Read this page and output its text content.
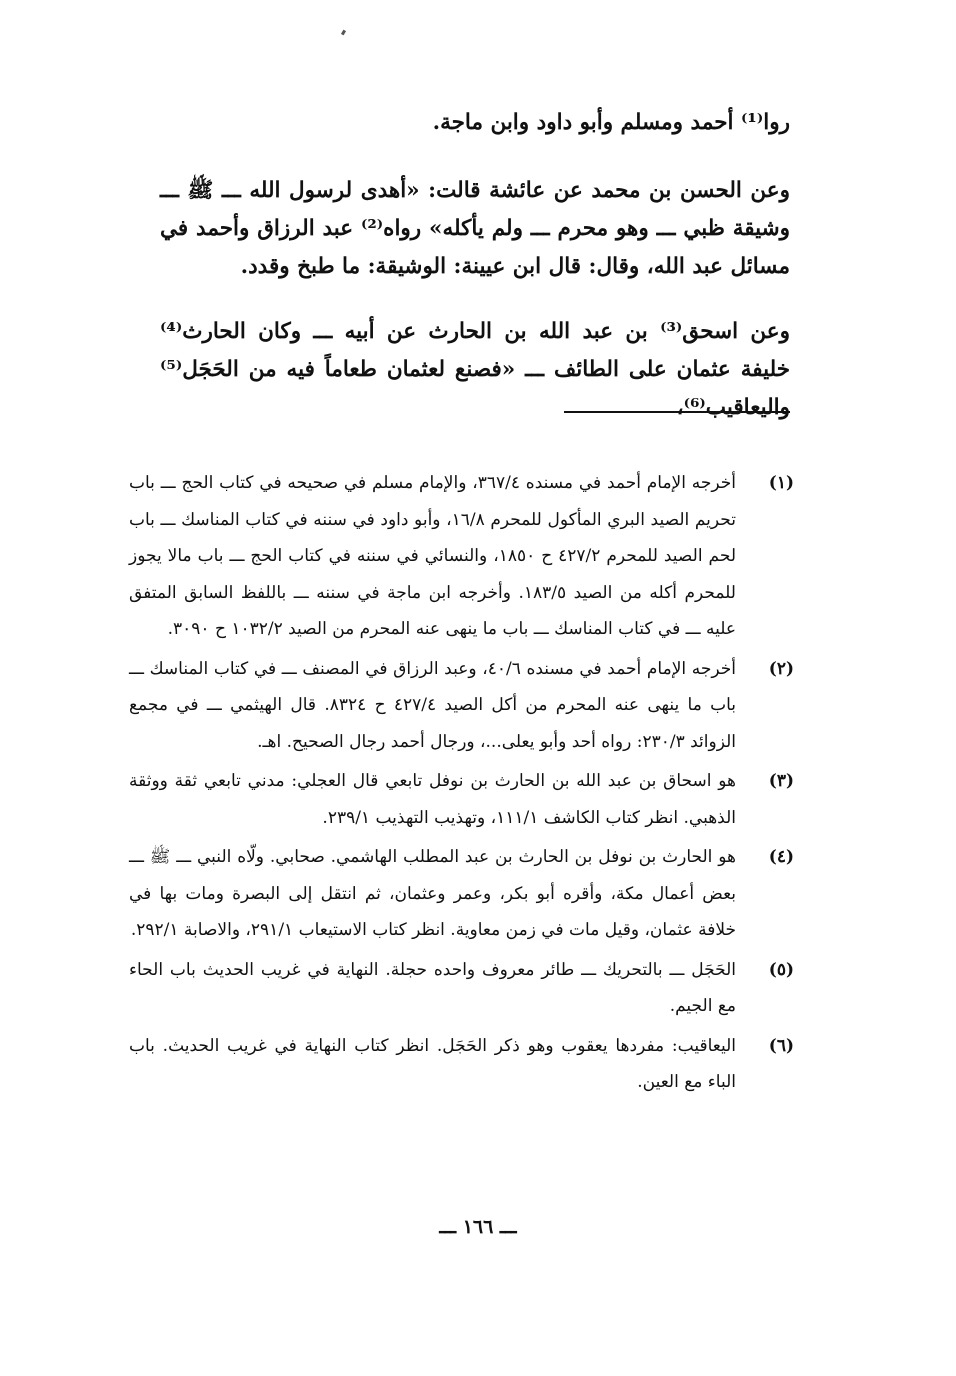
روا⁽¹⁾ أحمد ومسلم وأبو داود وابن ماجة.
وعن الحسن بن محمد عن عائشة قالت: «أهدى لرسول الله ـــ ﷺ ـــ وشيقة ظبي ـــ وهو محرم ـــ ولم يأكله» رواه⁽²⁾ عبد الرزاق وأحمد في مسائل عبد الله، وقال: قال ابن عيينة: الوشيقة: ما طبخ وقدد.
وعن اسحق⁽³⁾ بن عبد الله بن الحارث عن أبيه ـــ وكان الحارث⁽⁴⁾ خليفة عثمان على الطائف ـــ «فصنع لعثمان طعاماً فيه من الحَجَل⁽⁵⁾ واليعاقيب⁽⁶⁾،
(١)
أخرجه الإمام أحمد في مسنده ٣٦٧/٤، والإمام مسلم في صحيحه في كتاب الحج ـــ باب تحريم الصيد البري المأكول للمحرم ١٦/٨، وأبو داود في سننه في كتاب المناسك ـــ باب لحم الصيد للمحرم ٤٢٧/٢ ح ١٨٥٠، والنسائي في سننه في كتاب الحج ـــ باب مالا يجوز للمحرم أكله من الصيد ١٨٣/٥. وأخرجه ابن ماجة في سننه ـــ باللفظ السابق المتفق عليه ـــ في كتاب المناسك ـــ باب ما ينهى عنه المحرم من الصيد ١٠٣٢/٢ ح ٣٠٩٠.
(٢)
أخرجه الإمام أحمد في مسنده ٤٠/٦، وعبد الرزاق في المصنف ـــ في كتاب المناسك ـــ باب ما ينهى عنه المحرم من أكل الصيد ٤٢٧/٤ ح ٨٣٢٤. قال الهيثمي ـــ في مجمع الزوائد ٢٣٠/٣: رواه أحد وأبو يعلى...، ورجال أحمد رجال الصحيح. اهـ.
(٣)
هو اسحاق بن عبد الله بن الحارث بن نوفل تابعي قال العجلي: مدني تابعي ثقة ووثقة الذهبي. انظر كتاب الكاشف ١١١/١، وتهذيب التهذيب ٢٣٩/١.
(٤)
هو الحارث بن نوفل بن الحارث بن عبد المطلب الهاشمي. صحابي. ولّاه النبي ـــ ﷺ ـــ بعض أعمال مكة، وأقره أبو بكر، وعمر وعثمان، ثم انتقل إلى البصرة ومات بها في خلافة عثمان، وقيل مات في زمن معاوية. انظر كتاب الاستيعاب ٢٩١/١، والاصابة ٢٩٢/١.
(٥)
الحَجَل ـــ بالتحريك ـــ طائر معروف واحده حجلة. النهاية في غريب الحديث باب الحاء مع الجيم.
(٦)
اليعاقيب: مفردها يعقوب وهو ذكر الحَجَل. انظر كتاب النهاية في غريب الحديث. باب الباء مع العين.
ـــ ١٦٦ ـــ
